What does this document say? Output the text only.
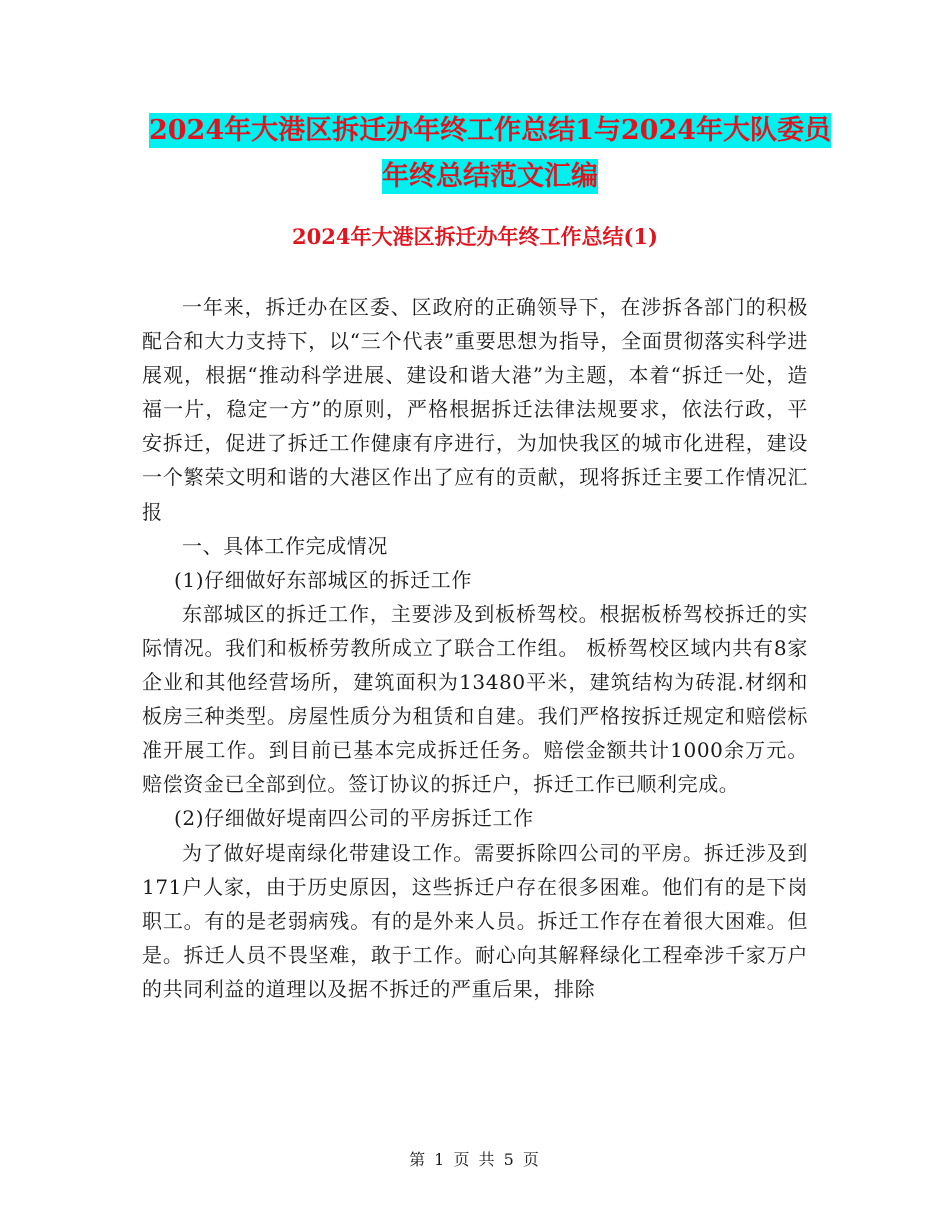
2024年大港区拆迁办年终工作总结1与2024年大队委员年终总结范文汇编
2024年大港区拆迁办年终工作总结(1)

一年来，拆迁办在区委、区政府的正确领导下，在涉拆各部门的积极配合和大力支持下，以“三个代表”重要思想为指导，全面贯彻落实科学进展观，根据“推动科学进展、建设和谐大港”为主题，本着“拆迁一处，造福一片，稳定一方”的原则，严格根据拆迁法律法规要求，依法行政，平安拆迁，促进了拆迁工作健康有序进行，为加快我区的城市化进程，建设一个繁荣文明和谐的大港区作出了应有的贡献，现将拆迁主要工作情况汇报

一、具体工作完成情况

(1)仔细做好东部城区的拆迁工作

东部城区的拆迁工作，主要涉及到板桥驾校。根据板桥驾校拆迁的实际情况。我们和板桥劳教所成立了联合工作组。 板桥驾校区域内共有8家企业和其他经营场所，建筑面积为13480平米，建筑结构为砖混.材纲和板房三种类型。房屋性质分为租赁和自建。我们严格按拆迁规定和赔偿标准开展工作。到目前已基本完成拆迁任务。赔偿金额共计1000余万元。赔偿资金已全部到位。签订协议的拆迁户，拆迁工作已顺利完成。

(2)仔细做好堤南四公司的平房拆迁工作

为了做好堤南绿化带建设工作。需要拆除四公司的平房。拆迁涉及到171户人家，由于历史原因，这些拆迁户存在很多困难。他们有的是下岗职工。有的是老弱病残。有的是外来人员。拆迁工作存在着很大困难。但是。拆迁人员不畏坚难，敢于工作。耐心向其解释绿化工程牵涉千家万户的共同利益的道理以及据不拆迁的严重后果，排除

第 1 页 共 5 页
